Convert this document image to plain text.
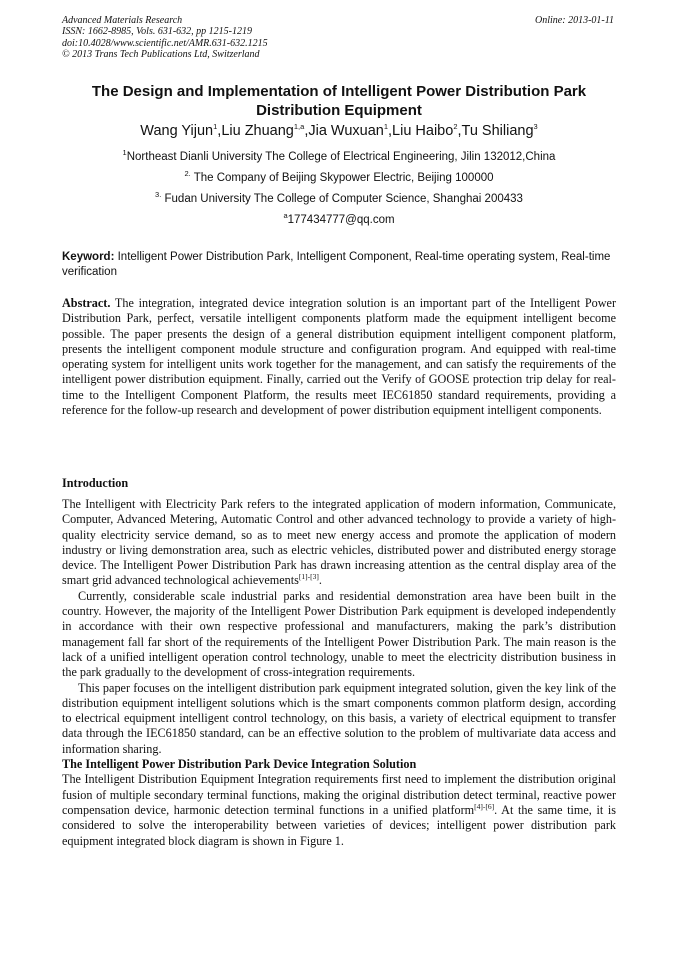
Advanced Materials Research
ISSN: 1662-8985, Vols. 631-632, pp 1215-1219
doi:10.4028/www.scientific.net/AMR.631-632.1215
© 2013 Trans Tech Publications Ltd, Switzerland
Online: 2013-01-11
The Design and Implementation of Intelligent Power Distribution Park Distribution Equipment
Wang Yijun$^1$,Liu Zhuang$^{1,a}$,Jia Wuxuan$^1$,Liu Haibo$^2$,Tu Shiliang$^3$
$^1$Northeast Dianli University The College of Electrical Engineering, Jilin 132012,China
$^{2.}$ The Company of Beijing Skypower Electric, Beijing 100000
$^{3.}$ Fudan University The College of Computer Science, Shanghai 200433
$^a$177434777@qq.com
Keyword: Intelligent Power Distribution Park, Intelligent Component, Real-time operating system, Real-time verification
Abstract. The integration, integrated device integration solution is an important part of the Intelligent Power Distribution Park, perfect, versatile intelligent components platform made the equipment intelligent become possible. The paper presents the design of a general distribution equipment intelligent component platform, presents the intelligent component module structure and configuration program. And equipped with real-time operating system for intelligent units work together for the management, and can satisfy the requirements of the intelligent power distribution equipment. Finally, carried out the Verify of GOOSE protection trip delay for real-time to the Intelligent Component Platform, the results meet IEC61850 standard requirements, providing a reference for the follow-up research and development of power distribution equipment intelligent components.
Introduction

The Intelligent with Electricity Park refers to the integrated application of modern information, Communicate, Computer, Advanced Metering, Automatic Control and other advanced technology to provide a variety of high-quality electricity service demand, so as to meet new energy access and promote the application of modern industry or living demonstration area, such as electric vehicles, distributed power and distributed energy storage device. The Intelligent Power Distribution Park has drawn increasing attention as the central display area of the smart grid advanced technological achievements[1]-[3].

Currently, considerable scale industrial parks and residential demonstration area have been built in the country. However, the majority of the Intelligent Power Distribution Park equipment is developed independently in accordance with their own respective professional and manufacturers, making the park’s distribution management fall far short of the requirements of the Intelligent Power Distribution Park. The main reason is the lack of a unified intelligent operation control technology, unable to meet the electricity distribution business in the park gradually to the development of cross-integration requirements.

This paper focuses on the intelligent distribution park equipment integrated solution, given the key link of the distribution equipment intelligent solutions which is the smart components common platform design, according to electrical equipment intelligent control technology, on this basis, a variety of electrical equipment to transfer data through the IEC61850 standard, can be an effective solution to the problem of multivariate data access and information sharing.

The Intelligent Power Distribution Park Device Integration Solution

The Intelligent Distribution Equipment Integration requirements first need to implement the distribution original fusion of multiple secondary terminal functions, making the original distribution detect terminal, reactive power compensation device, harmonic detection terminal functions in a unified platform[4]-[6]. At the same time, it is considered to solve the interoperability between varieties of devices; intelligent power distribution park equipment integrated block diagram is shown in Figure 1.
